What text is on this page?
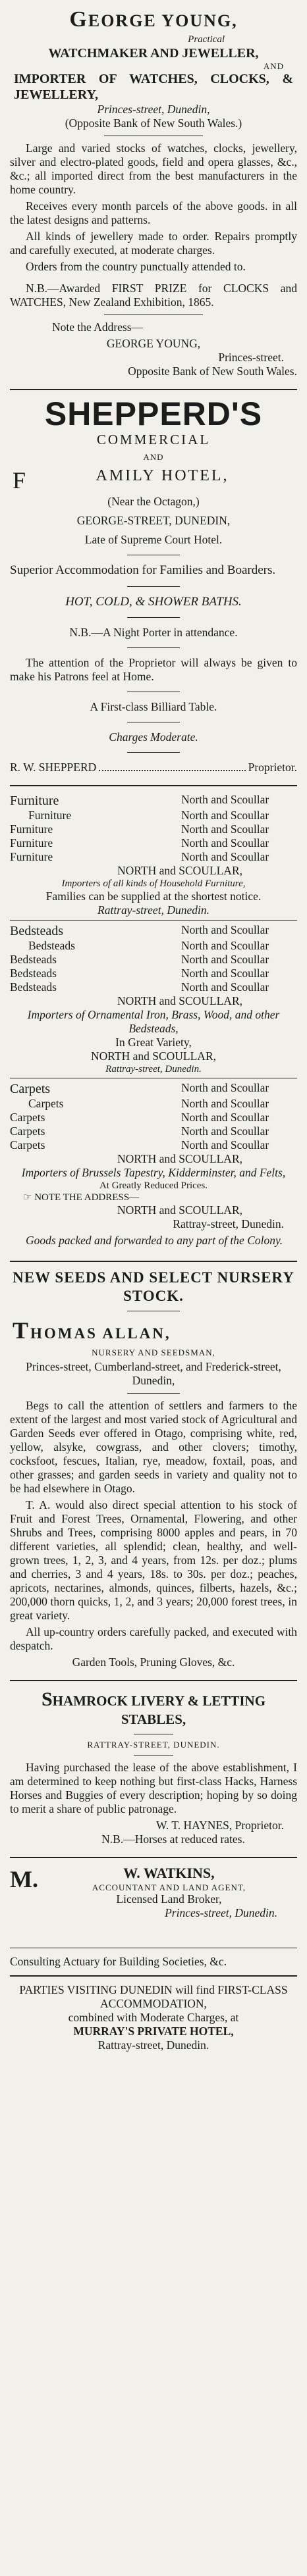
GEORGE YOUNG,
Practical
WATCHMAKER AND JEWELLER,
AND
IMPORTER OF WATCHES, CLOCKS, & JEWELLERY,
Princes-street, Dunedin,
(Opposite Bank of New South Wales.)

Large and varied stocks of watches, clocks, jewellery, silver and electro-plated goods, field and opera glasses, &c., &c.; all imported direct from the best manufacturers in the home country.

Receives every month parcels of the above goods. in all the latest designs and patterns.

All kinds of jewellery made to order. Repairs promptly and carefully executed, at moderate charges.

Orders from the country punctually attended to.

N.B.—Awarded FIRST PRIZE for CLOCKS and WATCHES, New Zealand Exhibition, 1865.

Note the Address—

GEORGE YOUNG,
Princes-street.
Opposite Bank of New South Wales.
SHEPPERD'S
COMMERCIAL
AND
F	AMILY HOTEL,
(Near the Octagon,)
GEORGE-STREET, DUNEDIN,
Late of Supreme Court Hotel.

Superior Accommodation for Families and Boarders.

HOT, COLD, & SHOWER BATHS.
N.B.—A Night Porter in attendance.

The attention of the Proprietor will always be given to make his Patrons feel at Home.

A First-class Billiard Table.
Charges Moderate.
R. W. SHEPPERD	Proprietor.
Furniture	North and Scoullar
Furniture	North and Scoullar
Furniture	North and Scoullar
Furniture	North and Scoullar
Furniture	North and Scoullar
NORTH and SCOULLAR,
Importers of all kinds of Household Furniture,
Families can be supplied at the shortest notice.
Rattray-street, Dunedin.
Bedsteads	North and Scoullar
Bedsteads	North and Scoullar
Bedsteads	North and Scoullar
Bedsteads	North and Scoullar
Bedsteads	North and Scoullar
NORTH and SCOULLAR,
Importers of Ornamental Iron, Brass, Wood, and other Bedsteads,
In Great Variety,
NORTH and SCOULLAR,
Rattray-street, Dunedin.
Carpets	North and Scoullar
Carpets	North and Scoullar
Carpets	North and Scoullar
Carpets	North and Scoullar
Carpets	North and Scoullar
NORTH and SCOULLAR,
Importers of Brussels Tapestry, Kidderminster, and Felts,
At Greatly Reduced Prices.
☞ NOTE THE ADDRESS—
NORTH and SCOULLAR,
Rattray-street, Dunedin.

Goods packed and forwarded to any part of the Colony.

NEW SEEDS AND SELECT NURSERY STOCK.
THOMAS ALLAN,
NURSERY AND SEEDSMAN,
Princes-street, Cumberland-street, and Frederick-street, Dunedin,

Begs to call the attention of settlers and farmers to the extent of the largest and most varied stock of Agricultural and Garden Seeds ever offered in Otago, comprising white, red, yellow, alsyke, cowgrass, and other clovers; timothy, cocksfoot, fescues, Italian, rye, meadow, foxtail, poas, and other grasses; and garden seeds in variety and quality not to be had elsewhere in Otago.

T. A. would also direct special attention to his stock of Fruit and Forest Trees, Ornamental, Flowering, and other Shrubs and Trees, comprising 8000 apples and pears, in 70 different varieties, all splendid; clean, healthy, and well-grown trees, 1, 2, 3, and 4 years, from 12s. per doz.; plums and cherries, 3 and 4 years, 18s. to 30s. per doz.; peaches, apricots, nectarines, almonds, quinces, filberts, hazels, &c.; 200,000 thorn quicks, 1, 2, and 3 years; 20,000 forest trees, in great variety.

All up-country orders carefully packed, and executed with despatch.

Garden Tools, Pruning Gloves, &c.
SHAMROCK LIVERY & LETTING STABLES,
RATTRAY-STREET, DUNEDIN.

Having purchased the lease of the above establishment, I am determined to keep nothing but first-class Hacks, Harness Horses and Buggies of every description; hoping by so doing to merit a share of public patronage.

W. T. HAYNES, Proprietor.
N.B.—Horses at reduced rates.
M.	W. WATKINS,
ACCOUNTANT AND LAND AGENT,
Licensed Land Broker,
Princes-street, Dunedin.
Consulting Actuary for Building Societies, &c.
PARTIES VISITING DUNEDIN will find FIRST-CLASS ACCOMMODATION,
combined with Moderate Charges, at
MURRAY'S PRIVATE HOTEL,
Rattray-street, Dunedin.
